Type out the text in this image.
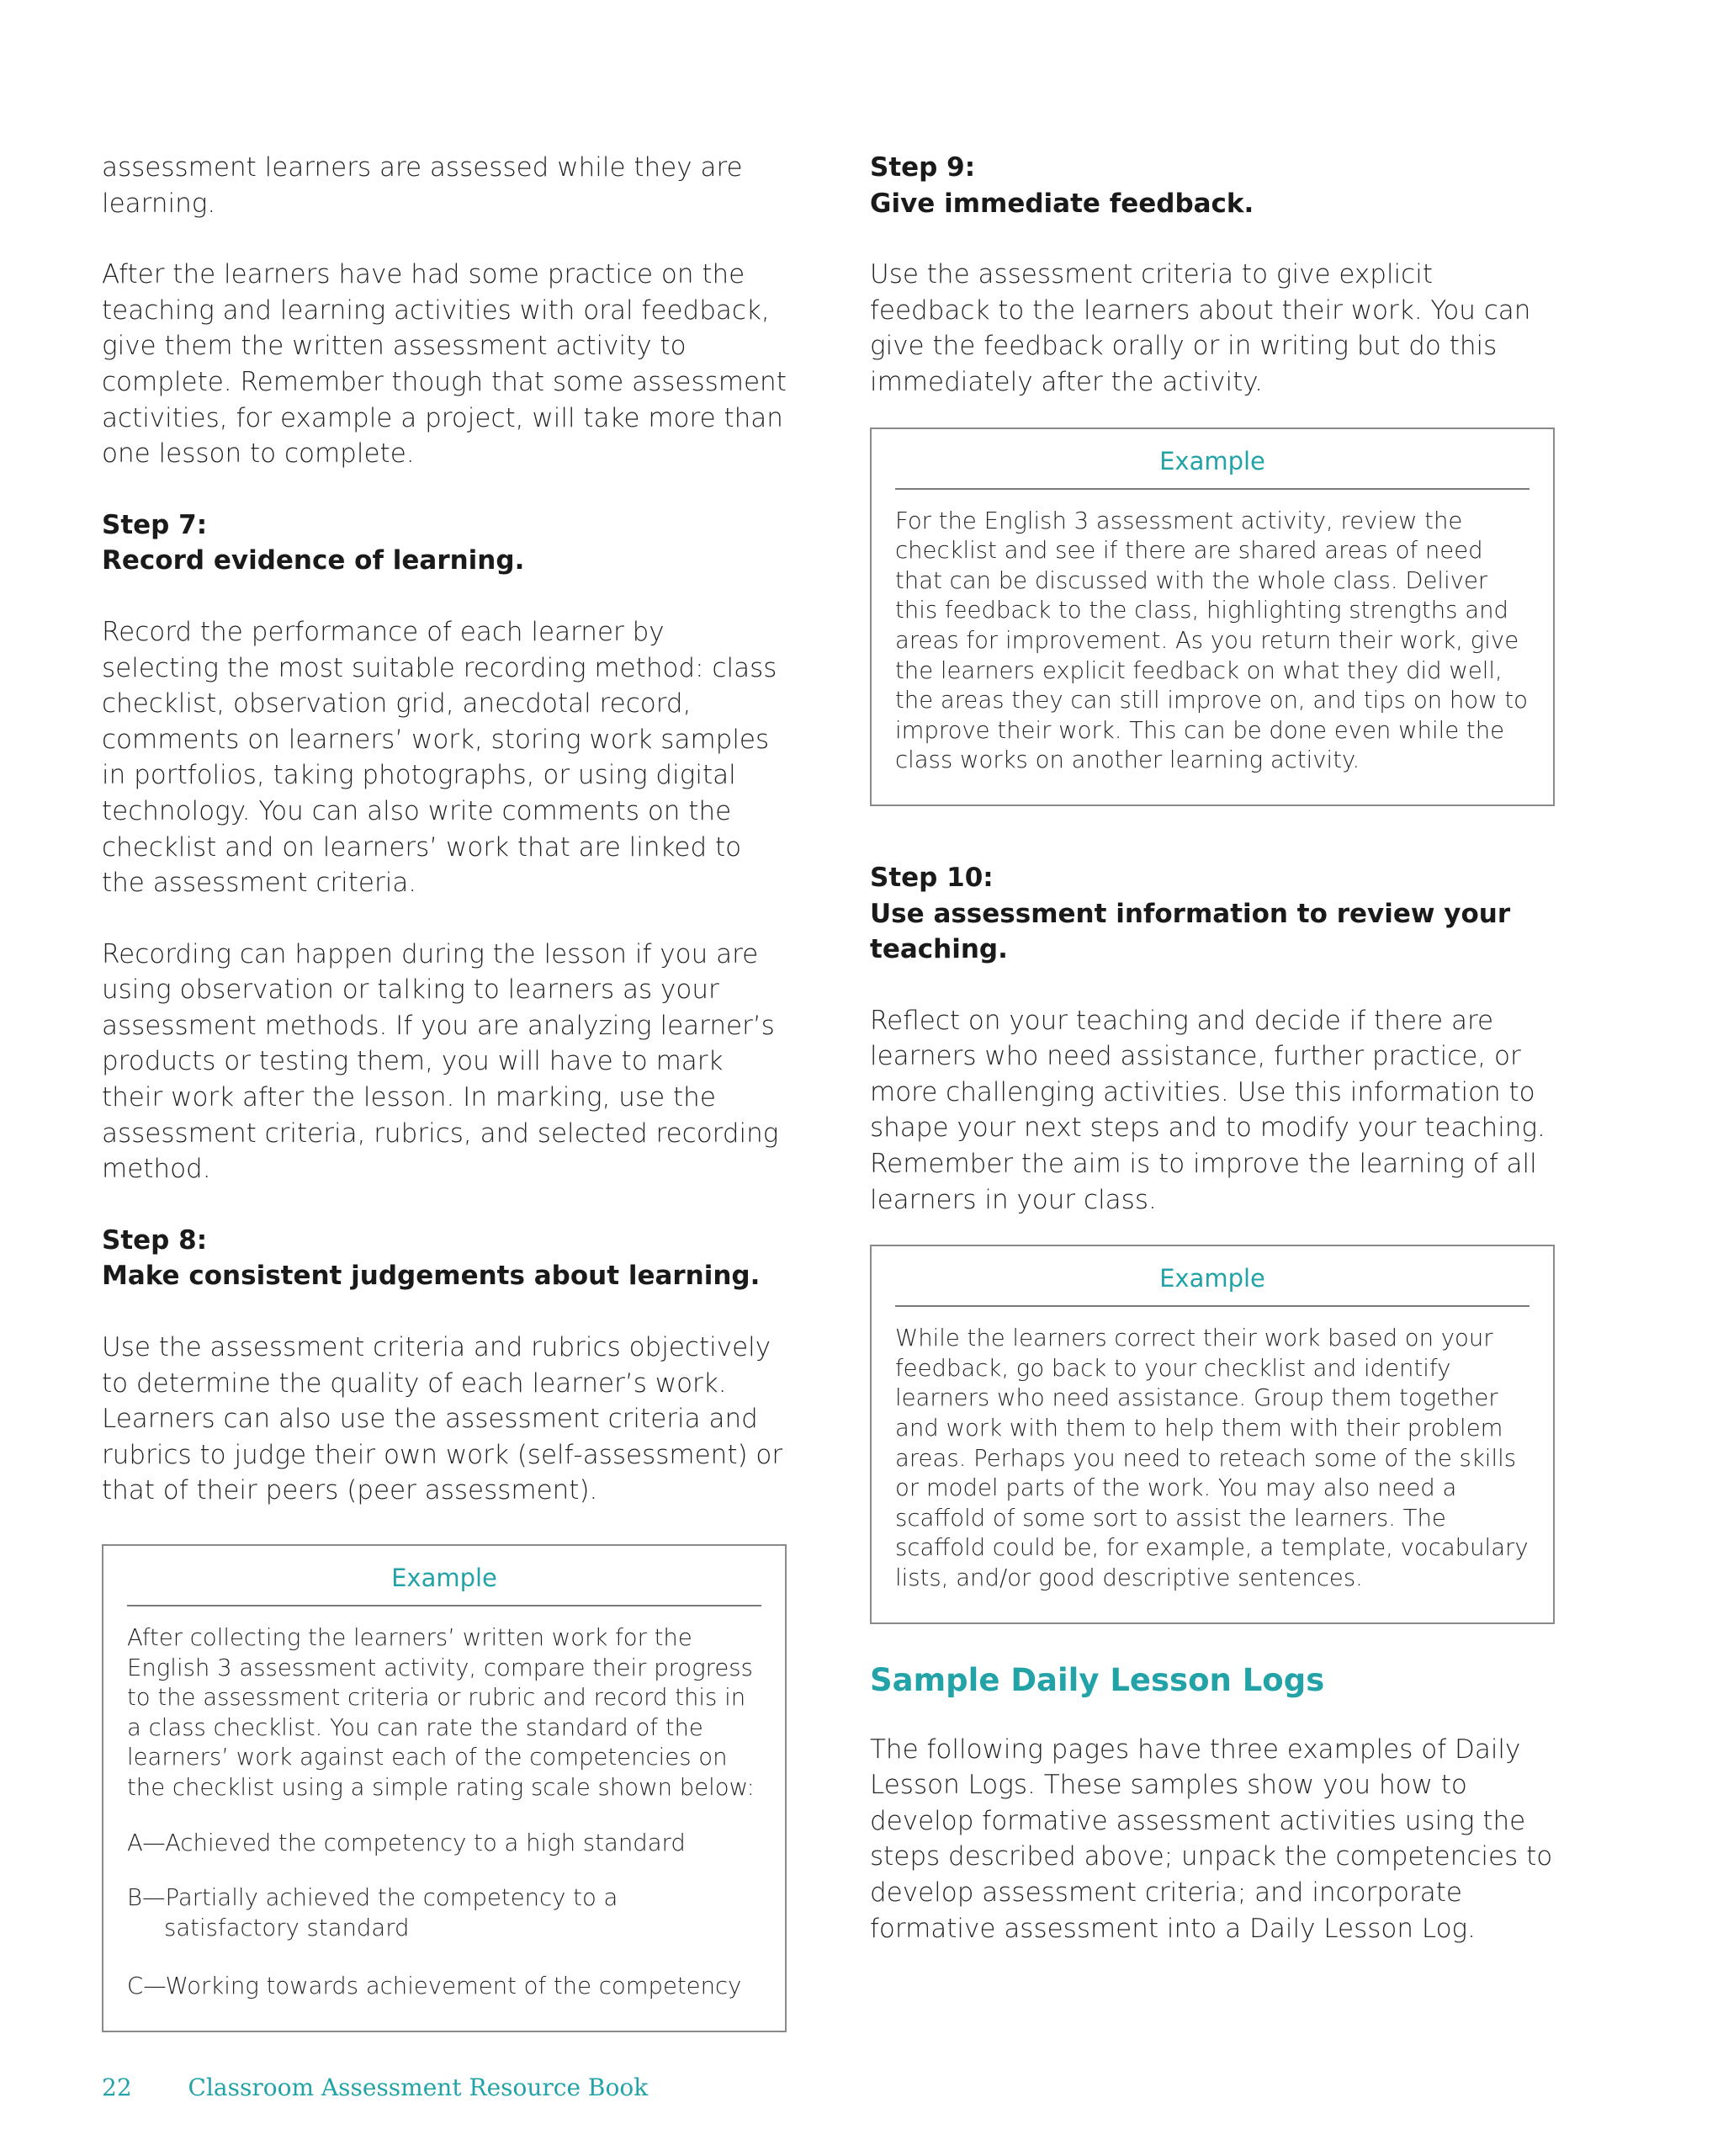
assessment learners are assessed while they are learning.

After the learners have had some practice on the teaching and learning activities with oral feedback, give them the written assessment activity to complete. Remember though that some assessment activities, for example a project, will take more than one lesson to complete.

Step 7:

Record evidence of learning.

Record the performance of each learner by selecting the most suitable recording method: class checklist, observation grid, anecdotal record, comments on learners’ work, storing work samples in portfolios, taking photographs, or using digital technology. You can also write comments on the checklist and on learners’ work that are linked to the assessment criteria.

Recording can happen during the lesson if you are using observation or talking to learners as your assessment methods. If you are analyzing learner’s products or testing them, you will have to mark their work after the lesson. In marking, use the assessment criteria, rubrics, and selected recording method.

Step 8:

Make consistent judgements about learning.

Use the assessment criteria and rubrics objectively to determine the quality of each learner’s work. Learners can also use the assessment criteria and rubrics to judge their own work (self-assessment) or that of their peers (peer assessment).

Example

After collecting the learners’ written work for the English 3 assessment activity, compare their progress to the assessment criteria or rubric and record this in a class checklist. You can rate the standard of the learners’ work against each of the competencies on the checklist using a simple rating scale shown below:

A—Achieved the competency to a high standard

B—Partially achieved the competency to a
satisfactory standard

C—Working towards achievement of the competency

Step 9:

Give immediate feedback.

Use the assessment criteria to give explicit feedback to the learners about their work. You can give the feedback orally or in writing but do this immediately after the activity.

Example

For the English 3 assessment activity, review the checklist and see if there are shared areas of need that can be discussed with the whole class. Deliver this feedback to the class, highlighting strengths and areas for improvement. As you return their work, give the learners explicit feedback on what they did well, the areas they can still improve on, and tips on how to improve their work. This can be done even while the class works on another learning activity.

Step 10:

Use assessment information to review your teaching.

Reflect on your teaching and decide if there are learners who need assistance, further practice, or more challenging activities. Use this information to shape your next steps and to modify your teaching. Remember the aim is to improve the learning of all learners in your class.

Example

While the learners correct their work based on your feedback, go back to your checklist and identify learners who need assistance. Group them together and work with them to help them with their problem areas. Perhaps you need to reteach some of the skills or model parts of the work. You may also need a scaffold of some sort to assist the learners. The scaffold could be, for example, a template, vocabulary lists, and/or good descriptive sentences.

Sample Daily Lesson Logs

The following pages have three examples of Daily Lesson Logs. These samples show you how to develop formative assessment activities using the steps described above; unpack the competencies to develop assessment criteria; and incorporate formative assessment into a Daily Lesson Log.

22 Classroom Assessment Resource Book
